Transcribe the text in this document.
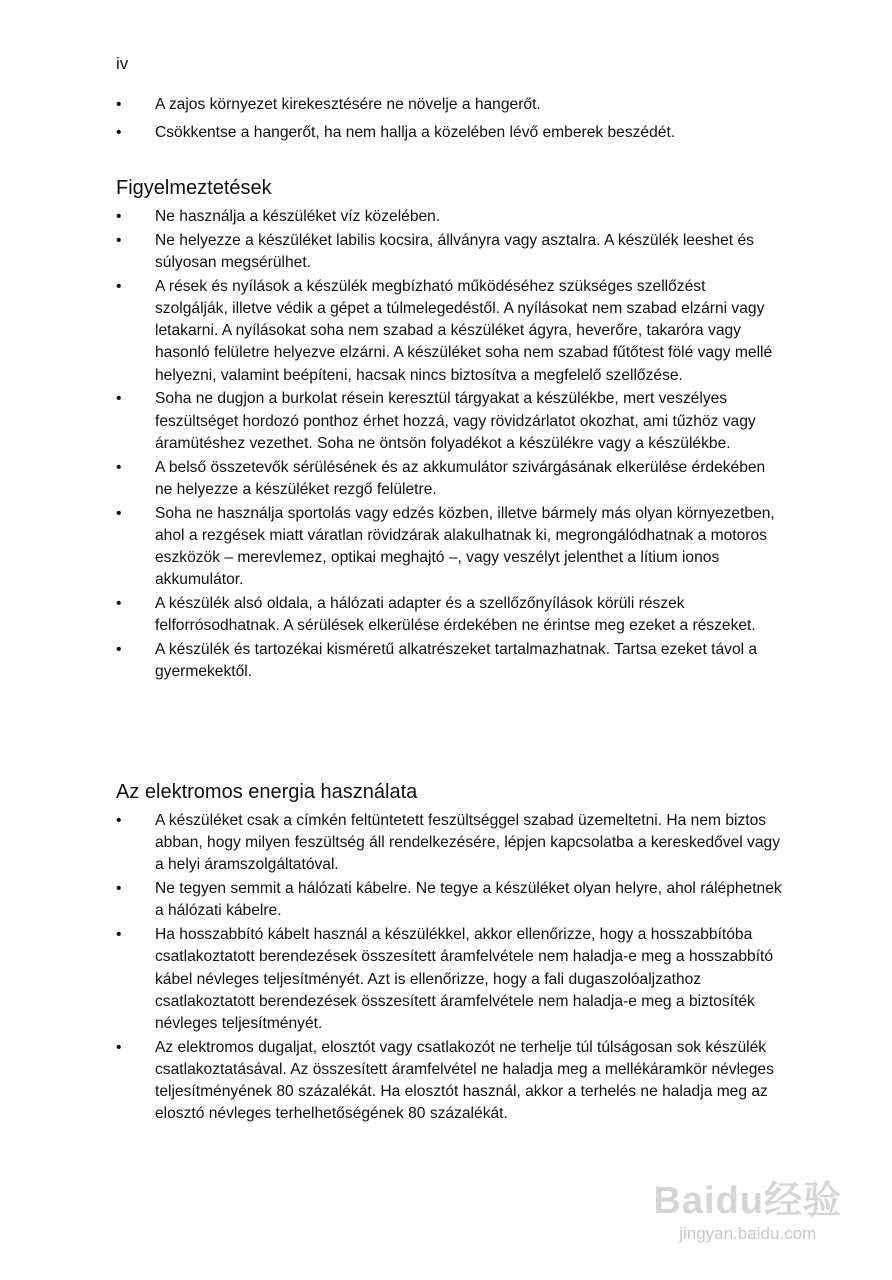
iv
• A zajos környezet kirekesztésére ne növelje a hangerőt.
• Csökkentse a hangerőt, ha nem hallja a közelében lévő emberek beszédét.
Figyelmeztetések
• Ne használja a készüléket víz közelében.
• Ne helyezze a készüléket labilis kocsira, állványra vagy asztalra. A készülék leeshet és súlyosan megsérülhet.
• A rések és nyílások a készülék megbízható működéséhez szükséges szellőzést szolgálják, illetve védik a gépet a túlmelegedéstől. A nyílásokat nem szabad elzárni vagy letakarni. A nyílásokat soha nem szabad a készüléket ágyra, heverőre, takaróra vagy hasonló felületre helyezve elzárni. A készüléket soha nem szabad fűtőtest fölé vagy mellé helyezni, valamint beépíteni, hacsak nincs biztosítva a megfelelő szellőzése.
• Soha ne dugjon a burkolat résein keresztül tárgyakat a készülékbe, mert veszélyes feszültséget hordozó ponthoz érhet hozzá, vagy rövidzárlatot okozhat, ami tűzhöz vagy áramütéshez vezethet. Soha ne öntsön folyadékot a készülékre vagy a készülékbe.
• A belső összetevők sérülésének és az akkumulátor szivárgásának elkerülése érdekében ne helyezze a készüléket rezgő felületre.
• Soha ne használja sportolás vagy edzés közben, illetve bármely más olyan környezetben, ahol a rezgések miatt váratlan rövidzárak alakulhatnak ki, megrongálódhatnak a motoros eszközök – merevlemez, optikai meghajtó –, vagy veszélyt jelenthet a lítium ionos akkumulátor.
• A készülék alsó oldala, a hálózati adapter és a szellőzőnyílások körüli részek felforrósodhatnak. A sérülések elkerülése érdekében ne érintse meg ezeket a részeket.
• A készülék és tartozékai kisméretű alkatrészeket tartalmazhatnak. Tartsa ezeket távol a gyermekektől.
Az elektromos energia használata
• A készüléket csak a címkén feltüntetett feszültséggel szabad üzemeltetni. Ha nem biztos abban, hogy milyen feszültség áll rendelkezésére, lépjen kapcsolatba a kereskedővel vagy a helyi áramszolgáltatóval.
• Ne tegyen semmit a hálózati kábelre. Ne tegye a készüléket olyan helyre, ahol ráléphetnek a hálózati kábelre.
• Ha hosszabbító kábelt használ a készülékkel, akkor ellenőrizze, hogy a hosszabbítóba csatlakoztatott berendezések összesített áramfelvétele nem haladja-e meg a hosszabbító kábel névleges teljesítményét. Azt is ellenőrizze, hogy a fali dugaszolóaljzathoz csatlakoztatott berendezések összesített áramfelvétele nem haladja-e meg a biztosíték névleges teljesítményét.
• Az elektromos dugaljat, elosztót vagy csatlakozót ne terhelje túl túlságosan sok készülék csatlakoztatásával. Az összesített áramfelvétel ne haladja meg a mellékáramkör névleges teljesítményének 80 százalékát. Ha elosztót használ, akkor a terhelés ne haladja meg az elosztó névleges terhelhetőségének 80 százalékát.
Baidu经验
jingyan.baidu.com
